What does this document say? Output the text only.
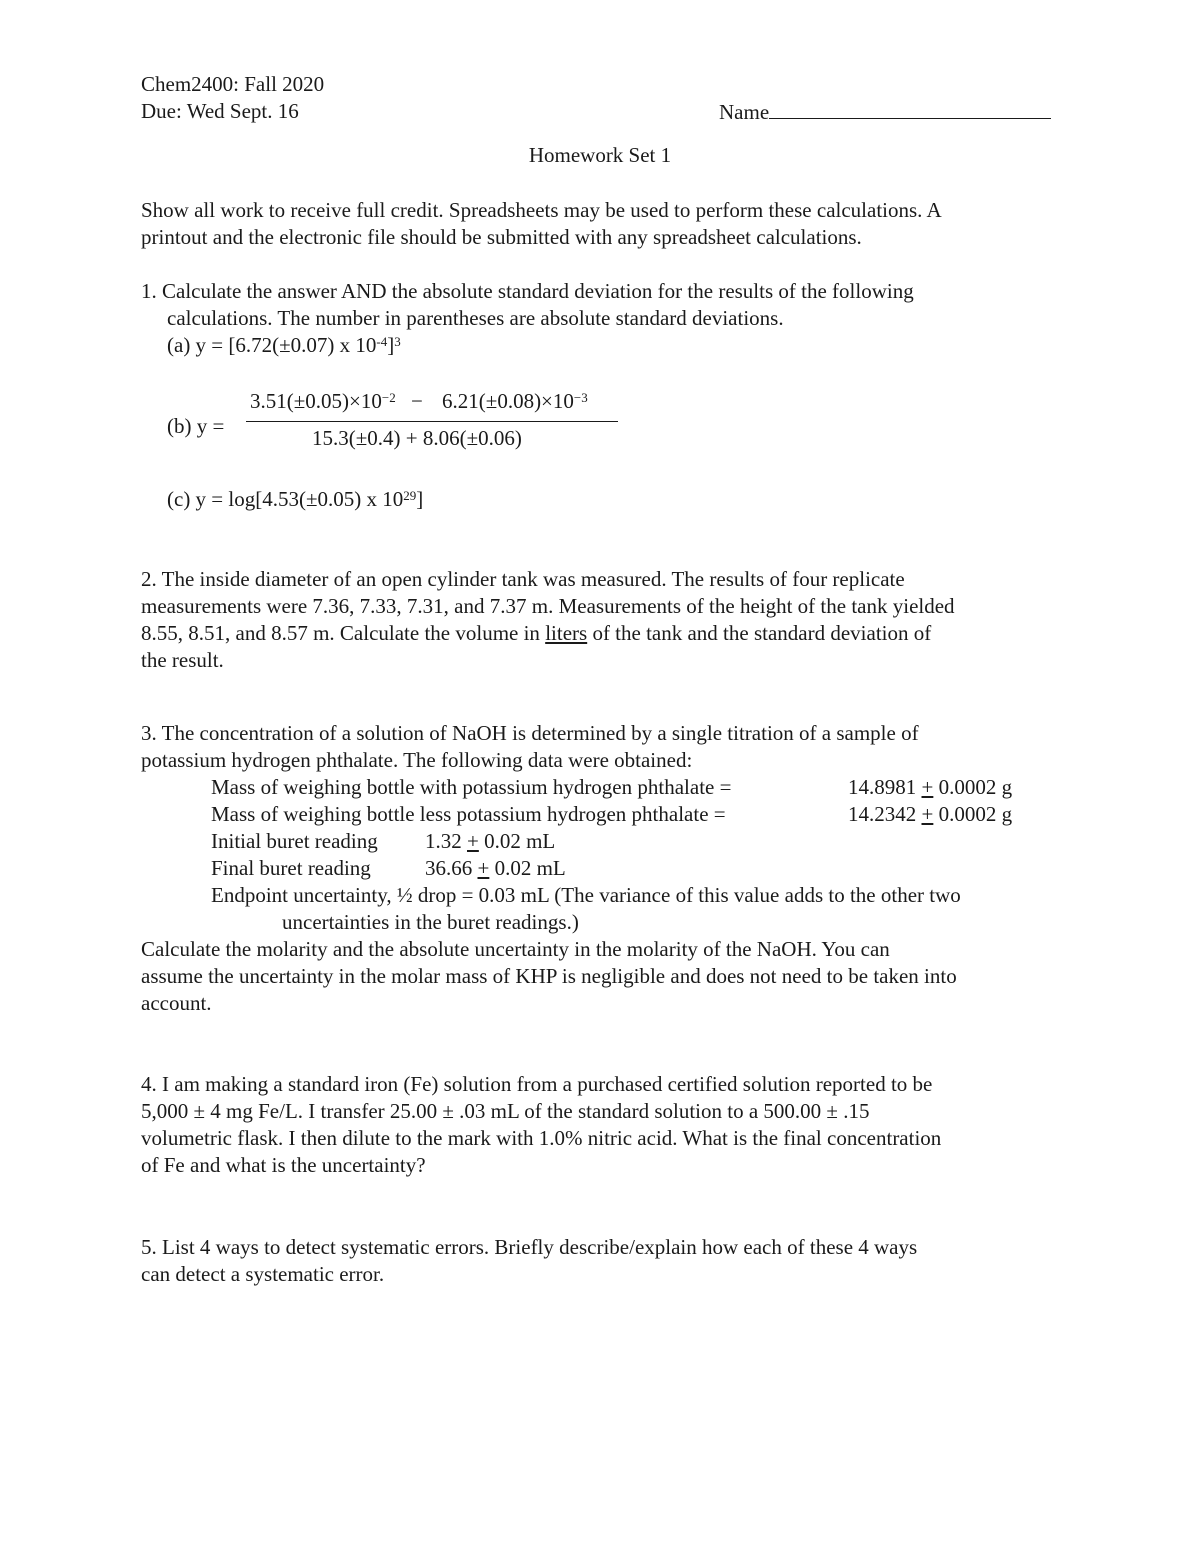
Chem2400: Fall 2020
Due: Wed Sept. 16	Name
Homework Set 1
Show all work to receive full credit. Spreadsheets may be used to perform these calculations. A
printout and the electronic file should be submitted with any spreadsheet calculations.
1. Calculate the answer AND the absolute standard deviation for the results of the following
calculations. The number in parentheses are absolute standard deviations.
(a) y = [6.72(±0.07) x $10^{-4}]^3$
(b) y =
$3.51(\pm 0.05)\times 10^{-2} - 6.21(\pm 0.08)\times 10^{-3}$
15.3(±0.4) + 8.06(±0.06)
(c) y = log[4.53(±0.05) x $10^{29}$]
2. The inside diameter of an open cylinder tank was measured. The results of four replicate
measurements were 7.36, 7.33, 7.31, and 7.37 m. Measurements of the height of the tank yielded
8.55, 8.51, and 8.57 m. Calculate the volume in liters of the tank and the standard deviation of
the result.
3. The concentration of a solution of NaOH is determined by a single titration of a sample of
potassium hydrogen phthalate. The following data were obtained:
Mass of weighing bottle with potassium hydrogen phthalate =	14.8981 + 0.0002 g
Mass of weighing bottle less potassium hydrogen phthalate =	14.2342 + 0.0002 g
Initial buret reading 1.32 + 0.02 mL
Final buret reading	36.66 + 0.02 mL
Endpoint uncertainty, ½ drop = 0.03 mL (The variance of this value adds to the other two
uncertainties in the buret readings.)
Calculate the molarity and the absolute uncertainty in the molarity of the NaOH. You can
assume the uncertainty in the molar mass of KHP is negligible and does not need to be taken into
account.
4. I am making a standard iron (Fe) solution from a purchased certified solution reported to be
5,000 ± 4 mg Fe/L. I transfer 25.00 ± .03 mL of the standard solution to a 500.00 ± .15
volumetric flask. I then dilute to the mark with 1.0% nitric acid. What is the final concentration
of Fe and what is the uncertainty?
5. List 4 ways to detect systematic errors. Briefly describe/explain how each of these 4 ways
can detect a systematic error.
